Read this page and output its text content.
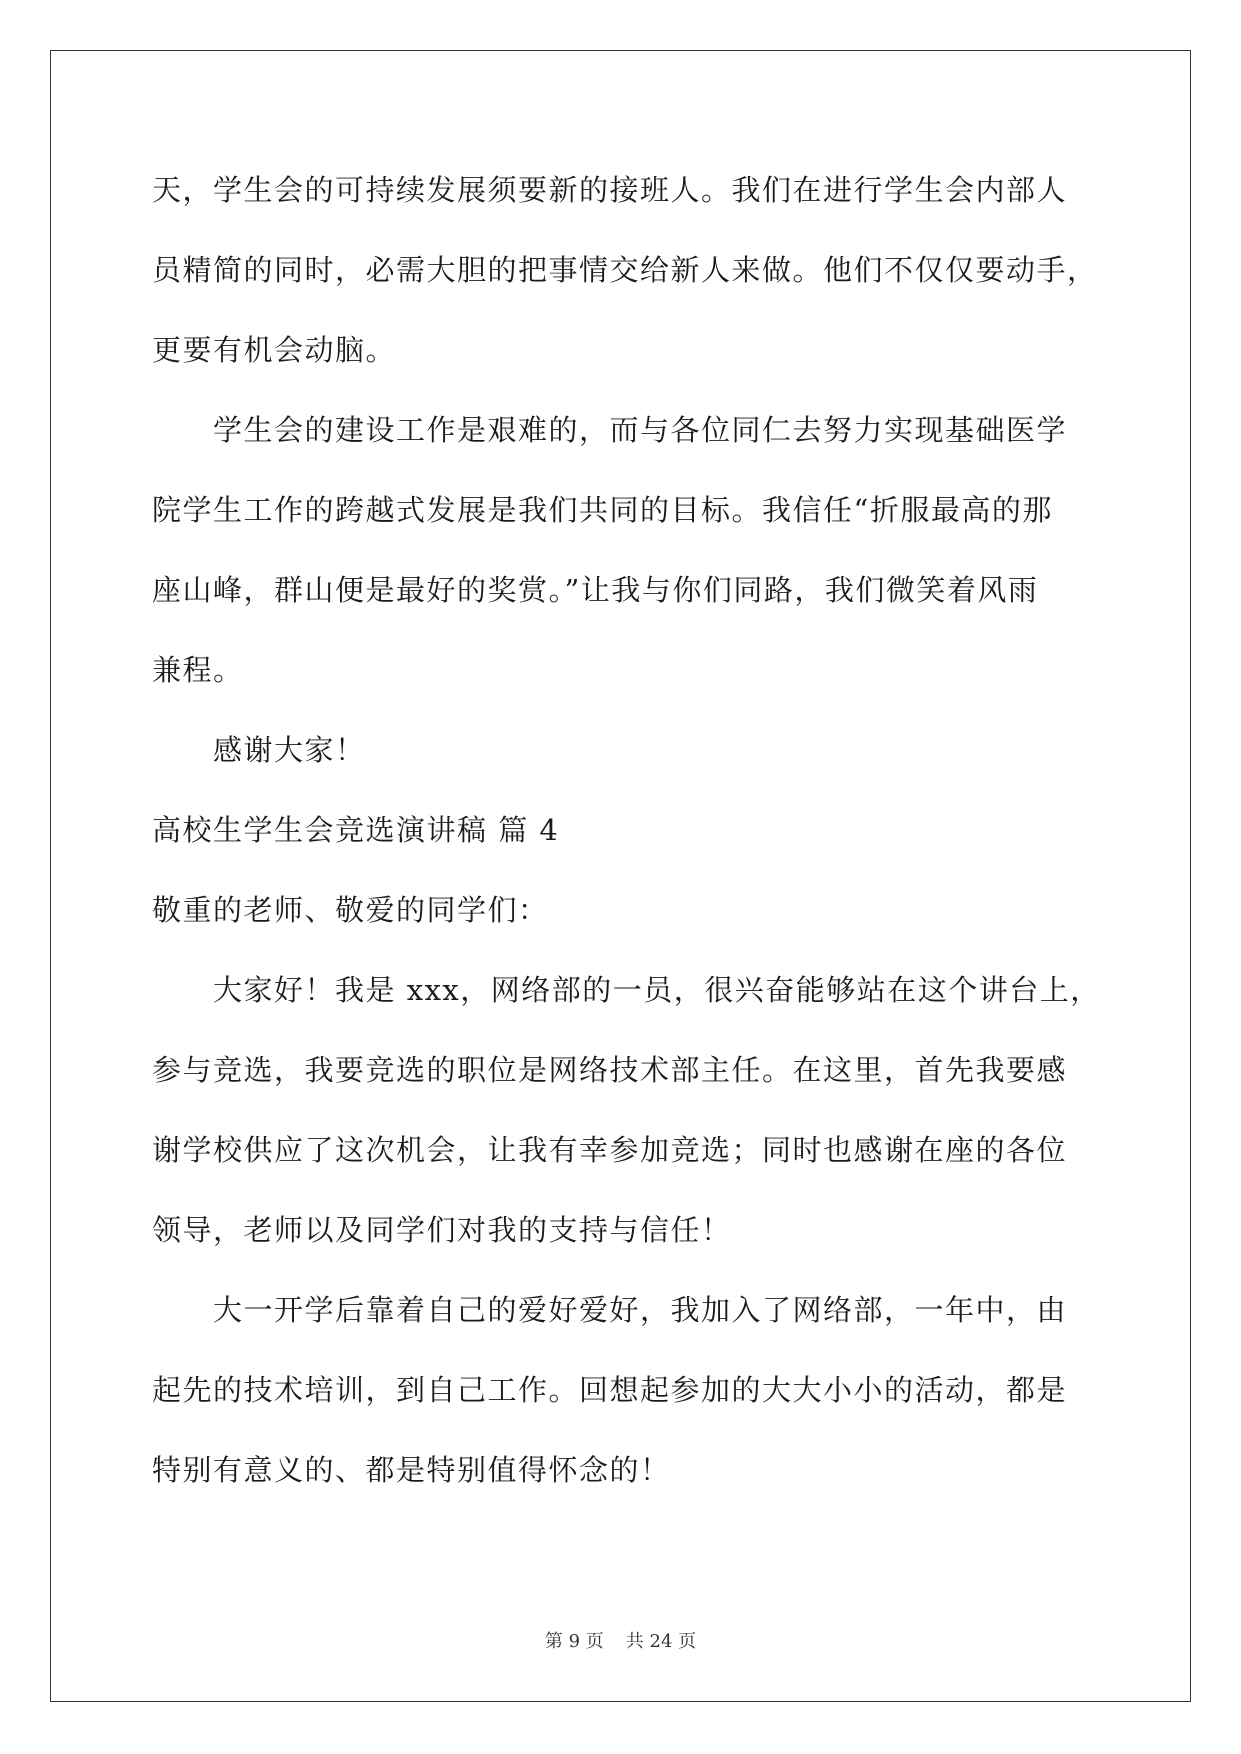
天，学生会的可持续发展须要新的接班人。我们在进行学生会内部人
员精简的同时，必需大胆的把事情交给新人来做。他们不仅仅要动手，
更要有机会动脑。
　　学生会的建设工作是艰难的，而与各位同仁去努力实现基础医学
院学生工作的跨越式发展是我们共同的目标。我信任“折服最高的那
座山峰，群山便是最好的奖赏。”让我与你们同路，我们微笑着风雨
兼程。
　　感谢大家！
高校生学生会竞选演讲稿 篇 4
敬重的老师、敬爱的同学们：
　　大家好！我是 xxx，网络部的一员，很兴奋能够站在这个讲台上，
参与竞选，我要竞选的职位是网络技术部主任。在这里，首先我要感
谢学校供应了这次机会，让我有幸参加竞选；同时也感谢在座的各位
领导，老师以及同学们对我的支持与信任！
　　大一开学后靠着自己的爱好爱好，我加入了网络部，一年中，由
起先的技术培训，到自己工作。回想起参加的大大小小的活动，都是
特别有意义的、都是特别值得怀念的！
第 9 页 共 24 页
